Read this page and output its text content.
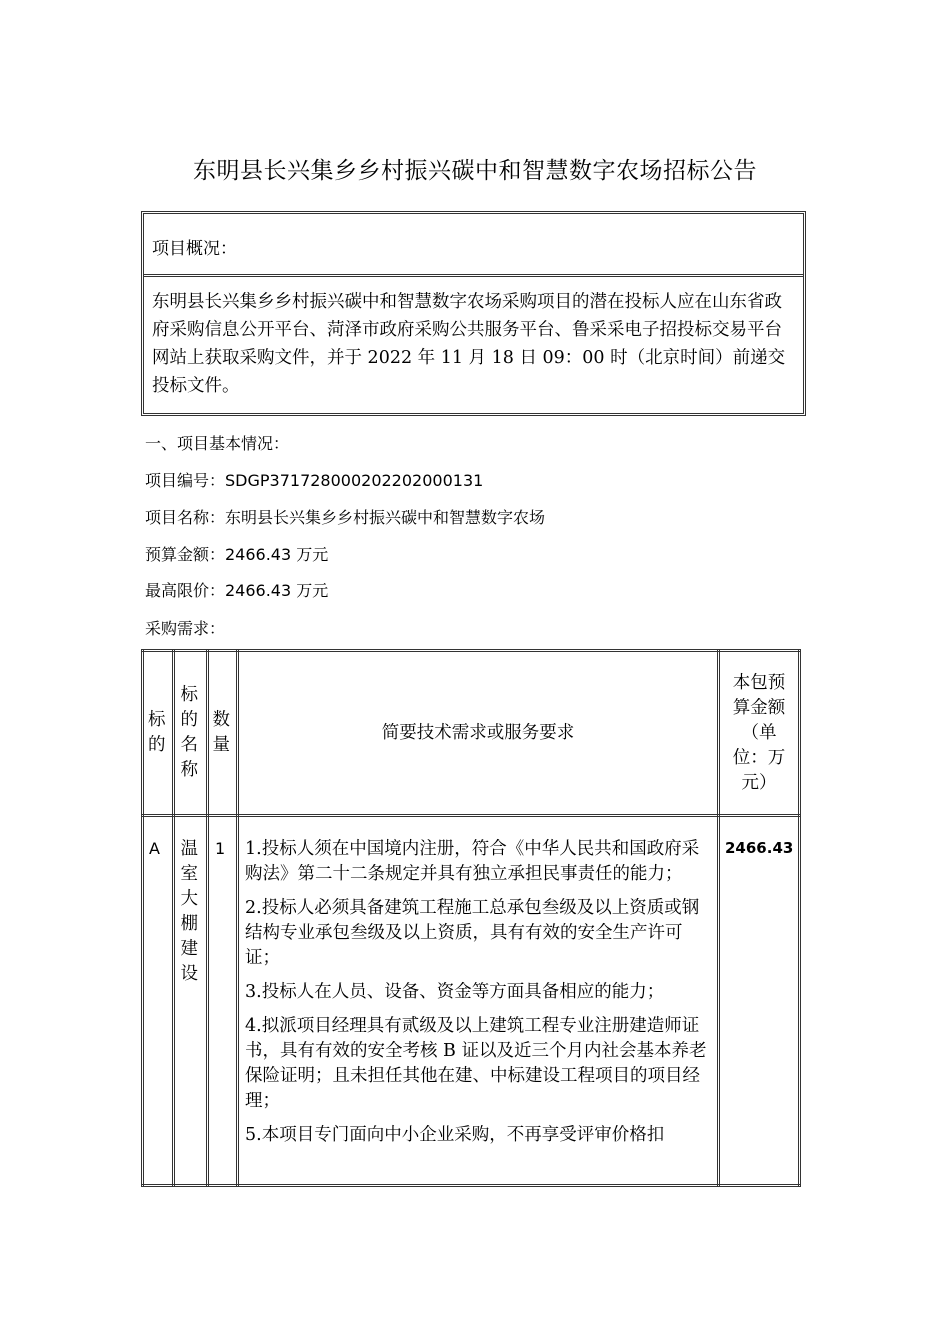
东明县长兴集乡乡村振兴碳中和智慧数字农场招标公告
项目概况：
东明县长兴集乡乡村振兴碳中和智慧数字农场采购项目的潜在投标人应在山东省政府采购信息公开平台、菏泽市政府采购公共服务平台、鲁采采电子招投标交易平台网站上获取采购文件，并于 2022 年 11 月 18 日 09：00 时（北京时间）前递交投标文件。
一、项目基本情况：
项目编号：SDGP371728000202202000131
项目名称：东明县长兴集乡乡村振兴碳中和智慧数字农场
预算金额：2466.43 万元
最高限价：2466.43 万元
采购需求：
标的	标的名称	数量	简要技术需求或服务要求	本包预算金额（单位：万元）

A	温室大棚建设	1	1.投标人须在中国境内注册，符合《中华人民共和国政府采购法》第二十二条规定并具有独立承担民事责任的能力；

2.投标人必须具备建筑工程施工总承包叁级及以上资质或钢结构专业承包叁级及以上资质，具有有效的安全生产许可证；

3.投标人在人员、设备、资金等方面具备相应的能力；

4.拟派项目经理具有贰级及以上建筑工程专业注册建造师证书，具有有效的安全考核 B 证以及近三个月内社会基本养老保险证明；且未担任其他在建、中标建设工程项目的项目经理；

5.本项目专门面向中小企业采购，不再享受评审价格扣	2466.43
